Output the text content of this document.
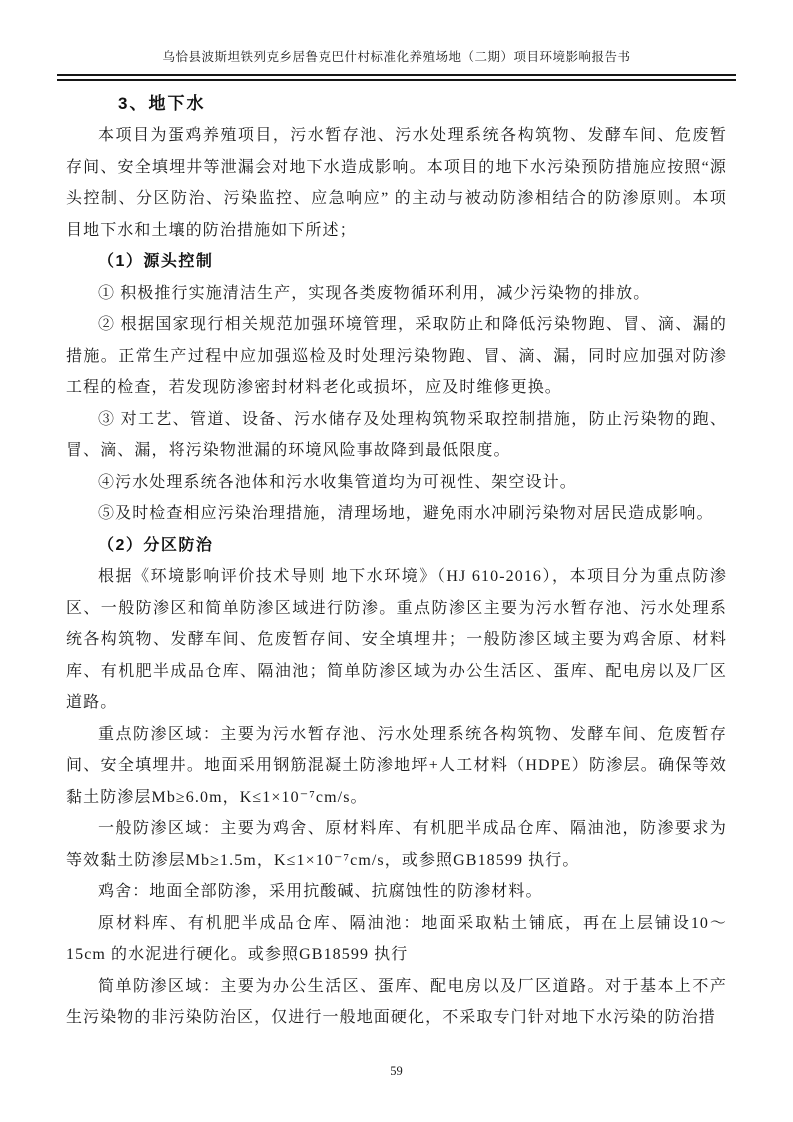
乌恰县波斯坦铁列克乡居鲁克巴什村标准化养殖场地（二期）项目环境影响报告书
3、地下水

本项目为蛋鸡养殖项目，污水暂存池、污水处理系统各构筑物、发酵车间、危废暂存间、安全填埋井等泄漏会对地下水造成影响。本项目的地下水污染预防措施应按照“源头控制、分区防治、污染监控、应急响应” 的主动与被动防渗相结合的防渗原则。本项目地下水和土壤的防治措施如下所述；

（1）源头控制

① 积极推行实施清洁生产，实现各类废物循环利用，减少污染物的排放。

② 根据国家现行相关规范加强环境管理，采取防止和降低污染物跑、冒、滴、漏的措施。正常生产过程中应加强巡检及时处理污染物跑、冒、滴、漏，同时应加强对防渗工程的检查，若发现防渗密封材料老化或损坏，应及时维修更换。

③ 对工艺、管道、设备、污水储存及处理构筑物采取控制措施，防止污染物的跑、冒、滴、漏，将污染物泄漏的环境风险事故降到最低限度。

④污水处理系统各池体和污水收集管道均为可视性、架空设计。

⑤及时检查相应污染治理措施，清理场地，避免雨水冲刷污染物对居民造成影响。

（2）分区防治

根据《环境影响评价技术导则 地下水环境》（HJ 610-2016），本项目分为重点防渗区、一般防渗区和简单防渗区域进行防渗。重点防渗区主要为污水暂存池、污水处理系统各构筑物、发酵车间、危废暂存间、安全填埋井；一般防渗区域主要为鸡舍原、材料库、有机肥半成品仓库、隔油池；简单防渗区域为办公生活区、蛋库、配电房以及厂区道路。

重点防渗区域：主要为污水暂存池、污水处理系统各构筑物、发酵车间、危废暂存间、安全填埋井。地面采用钢筋混凝土防渗地坪+人工材料（HDPE）防渗层。确保等效黏土防渗层Mb≥6.0m，K≤1×10⁻⁷cm/s。

一般防渗区域：主要为鸡舍、原材料库、有机肥半成品仓库、隔油池，防渗要求为等效黏土防渗层Mb≥1.5m，K≤1×10⁻⁷cm/s，或参照GB18599 执行。

鸡舍：地面全部防渗，采用抗酸碱、抗腐蚀性的防渗材料。

原材料库、有机肥半成品仓库、隔油池：地面采取粘土铺底，再在上层铺设10～15cm 的水泥进行硬化。或参照GB18599 执行

简单防渗区域：主要为办公生活区、蛋库、配电房以及厂区道路。对于基本上不产生污染物的非污染防治区，仅进行一般地面硬化，不采取专门针对地下水污染的防治措

59
